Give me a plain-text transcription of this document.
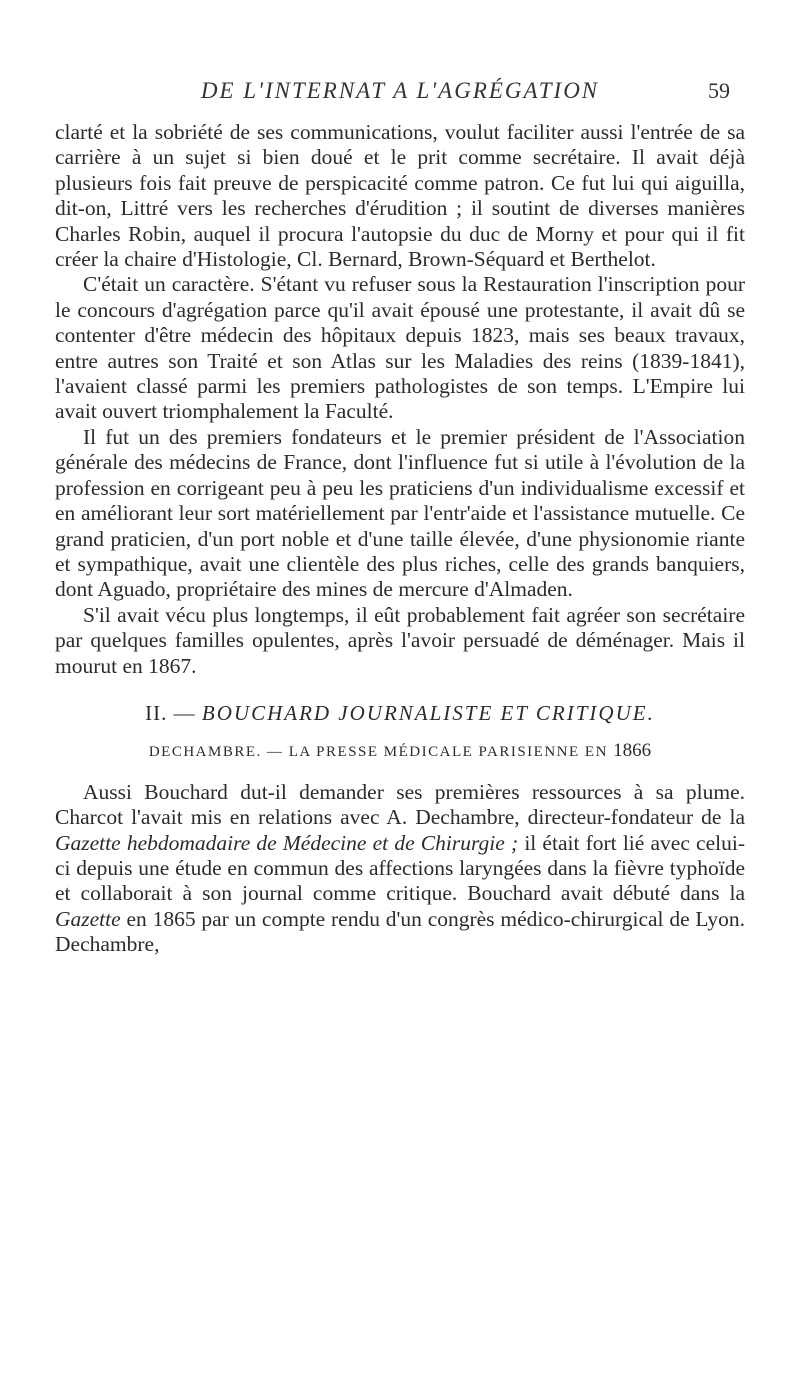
DE L'INTERNAT A L'AGRÉGATION	59

clarté et la sobriété de ses communications, voulut faciliter aussi l'entrée de sa carrière à un sujet si bien doué et le prit comme secrétaire. Il avait déjà plusieurs fois fait preuve de perspicacité comme patron. Ce fut lui qui aiguilla, dit-on, Littré vers les recherches d'érudition ; il soutint de diverses manières Charles Robin, auquel il procura l'autopsie du duc de Morny et pour qui il fit créer la chaire d'Histologie, Cl. Bernard, Brown-Séquard et Berthelot.

C'était un caractère. S'étant vu refuser sous la Restauration l'inscription pour le concours d'agrégation parce qu'il avait épousé une protestante, il avait dû se contenter d'être médecin des hôpitaux depuis 1823, mais ses beaux travaux, entre autres son Traité et son Atlas sur les Maladies des reins (1839-1841), l'avaient classé parmi les premiers pathologistes de son temps. L'Empire lui avait ouvert triomphalement la Faculté.

Il fut un des premiers fondateurs et le premier président de l'Association générale des médecins de France, dont l'influence fut si utile à l'évolution de la profession en corrigeant peu à peu les praticiens d'un individualisme excessif et en améliorant leur sort matériellement par l'entr'aide et l'assistance mutuelle. Ce grand praticien, d'un port noble et d'une taille élevée, d'une physionomie riante et sympathique, avait une clientèle des plus riches, celle des grands banquiers, dont Aguado, propriétaire des mines de mercure d'Almaden.

S'il avait vécu plus longtemps, il eût probablement fait agréer son secrétaire par quelques familles opulentes, après l'avoir persuadé de déménager. Mais il mourut en 1867.

II. — BOUCHARD JOURNALISTE ET CRITIQUE.
DECHAMBRE. — LA PRESSE MÉDICALE PARISIENNE EN 1866

Aussi Bouchard dut-il demander ses premières ressources à sa plume. Charcot l'avait mis en relations avec A. Dechambre, directeur-fondateur de la Gazette hebdomadaire de Médecine et de Chirurgie ; il était fort lié avec celui-ci depuis une étude en commun des affections laryngées dans la fièvre typhoïde et collaborait à son journal comme critique. Bouchard avait débuté dans la Gazette en 1865 par un compte rendu d'un congrès médico-chirurgical de Lyon. Dechambre,
